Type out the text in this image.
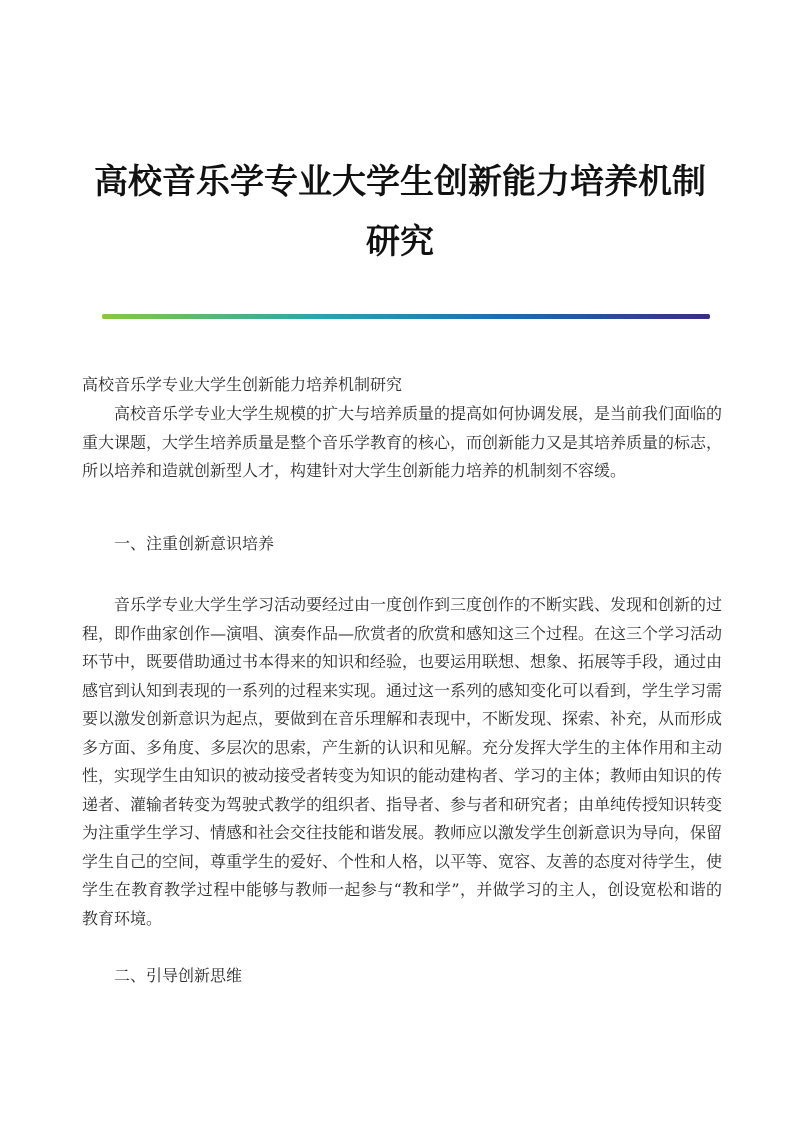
高校音乐学专业大学生创新能力培养机制研究

高校音乐学专业大学生创新能力培养机制研究

高校音乐学专业大学生规模的扩大与培养质量的提高如何协调发展，是当前我们面临的重大课题，大学生培养质量是整个音乐学教育的核心，而创新能力又是其培养质量的标志，所以培养和造就创新型人才，构建针对大学生创新能力培养的机制刻不容缓。

一、注重创新意识培养

音乐学专业大学生学习活动要经过由一度创作到三度创作的不断实践、发现和创新的过程，即作曲家创作—演唱、演奏作品—欣赏者的欣赏和感知这三个过程。在这三个学习活动环节中，既要借助通过书本得来的知识和经验，也要运用联想、想象、拓展等手段，通过由感官到认知到表现的一系列的过程来实现。通过这一系列的感知变化可以看到，学生学习需要以激发创新意识为起点，要做到在音乐理解和表现中，不断发现、探索、补充，从而形成多方面、多角度、多层次的思索，产生新的认识和见解。充分发挥大学生的主体作用和主动性，实现学生由知识的被动接受者转变为知识的能动建构者、学习的主体；教师由知识的传递者、灌输者转变为驾驶式教学的组织者、指导者、参与者和研究者；由单纯传授知识转变为注重学生学习、情感和社会交往技能和谐发展。教师应以激发学生创新意识为导向，保留学生自己的空间，尊重学生的爱好、个性和人格，以平等、宽容、友善的态度对待学生，使学生在教育教学过程中能够与教师一起参与“教和学”，并做学习的主人，创设宽松和谐的教育环境。

二、引导创新思维
